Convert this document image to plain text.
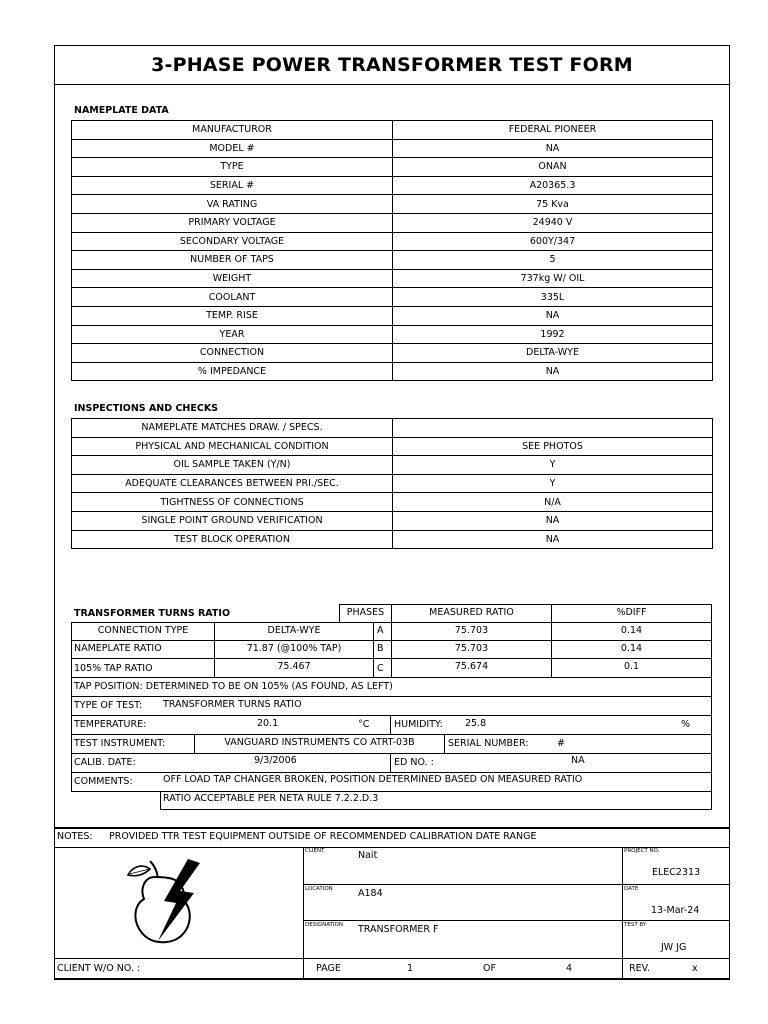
3-PHASE POWER TRANSFORMER TEST FORM
NAMEPLATE DATA
MANUFACTUROR	FEDERAL PIONEER
MODEL #	NA
TYPE	ONAN
SERIAL #	A20365.3
VA RATING	75 Kva
PRIMARY VOLTAGE	24940 V
SECONDARY VOLTAGE	600Y/347
NUMBER OF TAPS	5
WEIGHT	737kg W/ OIL
COOLANT	335L
TEMP. RISE	NA
YEAR	1992
CONNECTION	DELTA-WYE
% IMPEDANCE	NA
INSPECTIONS AND CHECKS
NAMEPLATE MATCHES DRAW. / SPECS.	
PHYSICAL AND MECHANICAL CONDITION	SEE PHOTOS
OIL SAMPLE TAKEN (Y/N)	Y
ADEQUATE CLEARANCES BETWEEN PRI./SEC.	Y
TIGHTNESS OF CONNECTIONS	N/A
SINGLE POINT GROUND VERIFICATION	NA
TEST BLOCK OPERATION	NA
TRANSFORMER TURNS RATIO	PHASES	MEASURED RATIO	%DIFF
CONNECTION TYPE	DELTA-WYE	A	75.703	0.14
NAMEPLATE RATIO	71.87 (@100% TAP)	B	75.703	0.14
105% TAP RATIO	75.467	C	75.674	0.1
TAP POSITION: DETERMINED TO BE ON 105% (AS FOUND, AS LEFT)
TYPE OF TEST: TRANSFORMER TURNS RATIO
TEMPERATURE:	20.1	°C	HUMIDITY: 25.8	%
TEST INSTRUMENT:	VANGUARD INSTRUMENTS CO ATRT-03B	SERIAL NUMBER:	#
CALIB. DATE:	9/3/2006	ED NO. :	NA
COMMENTS:	OFF LOAD TAP CHANGER BROKEN, POSITION DETERMINED BASED ON MEASURED RATIO
RATIO ACCEPTABLE PER NETA RULE 7.2.2.D.3
NOTES: PROVIDED TTR TEST EQUIPMENT OUTSIDE OF RECOMMENDED CALIBRATION DATE RANGE
CLIENT	Nait
LOCATION	A184
DESIGNATION TRANSFORMER F
PROJECT NO.
ELEC2313
DATE
13-Mar-24
TEST BY
JW JG
CLIENT W/O NO. :	PAGE	1	OF	4	REV.	x
